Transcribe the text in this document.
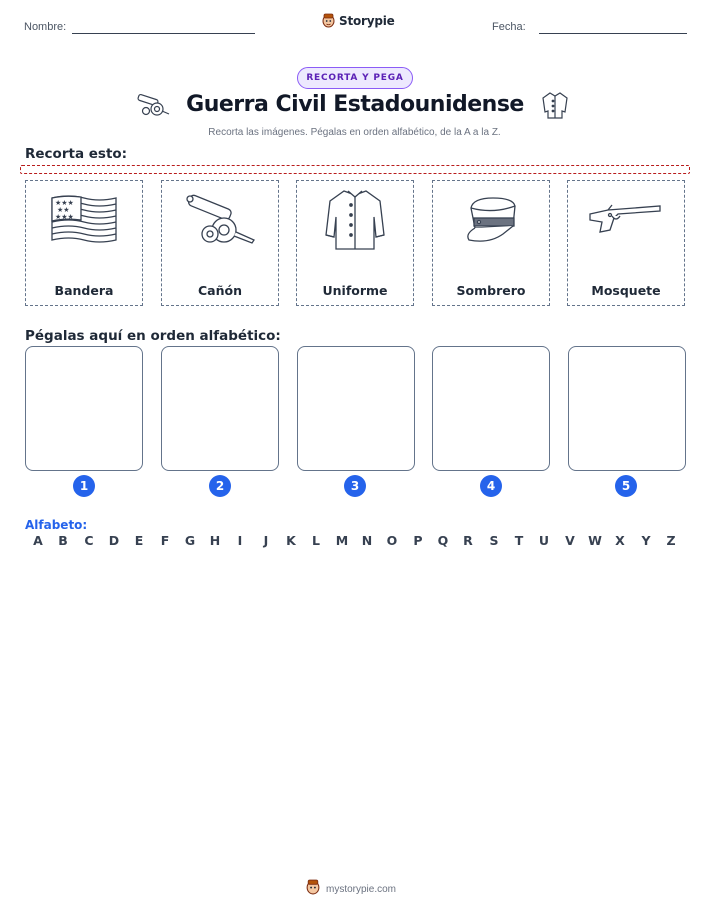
Nombre:	Storypie	Fecha:
RECORTA Y PEGA
Guerra Civil Estadounidense
Recorta las imágenes. Pégalas en orden alfabético, de la A a la Z.
Recorta esto:
★★★
★★
★★★
Bandera	Cañón	Uniforme	Sombrero	Mosquete
Pégalas aquí en orden alfabético:
1	2	3	4	5
Alfabeto:
A	B	C	D	E	F	G	H	I	J	K	L	M	N	O	P	Q	R	S	T	U	V	W	X	Y	Z
mystorypie.com
